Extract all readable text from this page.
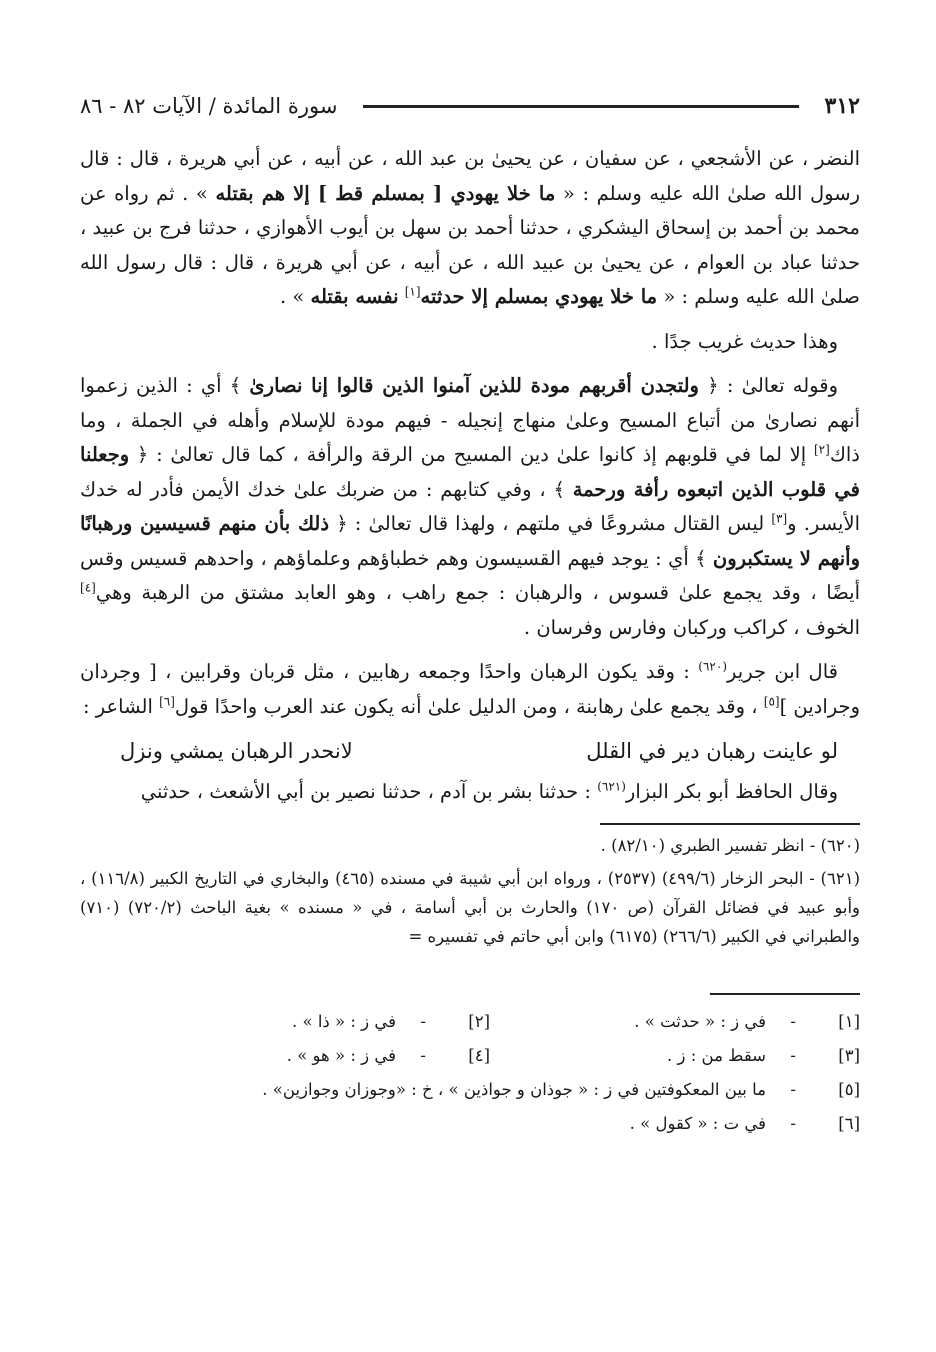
٣١٢
سورة المائدة / الآيات ٨٢ - ٨٦

النضر ، عن الأشجعي ، عن سفيان ، عن يحيىٰ بن عبد الله ، عن أبيه ، عن أبي هريرة ، قال : قال رسول الله صلىٰ الله عليه وسلم : « ما خلا يهودي [ بمسلم قط ] إلا هم بقتله » . ثم رواه عن محمد بن أحمد بن إسحاق اليشكري ، حدثنا أحمد بن سهل بن أيوب الأهوازي ، حدثنا فرج بن عبيد ، حدثنا عباد بن العوام ، عن يحيىٰ بن عبيد الله ، عن أبيه ، عن أبي هريرة ، قال : قال رسول الله صلىٰ الله عليه وسلم : « ما خلا يهودي بمسلم إلا حدثته[١] نفسه بقتله » .

وهذا حديث غريب جدًا .

وقوله تعالىٰ : ﴿ ولتجدن أقربهم مودة للذين آمنوا الذين قالوا إنا نصارىٰ ﴾ أي : الذين زعموا أنهم نصارىٰ من أتباع المسيح وعلىٰ منهاج إنجيله - فيهم مودة للإسلام وأهله في الجملة ، وما ذاك[٢] إلا لما في قلوبهم إذ كانوا علىٰ دين المسيح من الرقة والرأفة ، كما قال تعالىٰ : ﴿ وجعلنا في قلوب الذين اتبعوه رأفة ورحمة ﴾ ، وفي كتابهم : من ضربك علىٰ خدك الأيمن فأدر له خدك الأيسر. و[٣] ليس القتال مشروعًا في ملتهم ، ولهذا قال تعالىٰ : ﴿ ذلك بأن منهم قسيسين ورهبانًا وأنهم لا يستكبرون ﴾ أي : يوجد فيهم القسيسون وهم خطباؤهم وعلماؤهم ، واحدهم قسيس وقس أيضًا ، وقد يجمع علىٰ قسوس ، والرهبان : جمع راهب ، وهو العابد مشتق من الرهبة وهي[٤] الخوف ، كراكب وركبان وفارس وفرسان .

قال ابن جرير$^{(٦٢٠)}$ : وقد يكون الرهبان واحدًا وجمعه رهابين ، مثل قربان وقرابين ، [ وجردان وجرادين ][٥] ، وقد يجمع علىٰ رهابنة ، ومن الدليل علىٰ أنه يكون عند العرب واحدًا قول[٦] الشاعر :

لو عاينت رهبان دير في القلل
لانحدر الرهبان يمشي ونزل

وقال الحافظ أبو بكر البزار$^{(٦٢١)}$ : حدثنا بشر بن آدم ، حدثنا نصير بن أبي الأشعث ، حدثني

(٦٢٠) - انظر تفسير الطبري (٨٢/١٠) .

(٦٢١) - البحر الزخار (٤٩٩/٦) (٢٥٣٧) ، ورواه ابن أبي شيبة في مسنده (٤٦٥) والبخاري في التاريخ الكبير (١١٦/٨) ، وأبو عبيد في فضائل القرآن (ص ١٧٠) والحارث بن أبي أسامة ، في « مسنده » بغية الباحث (٧٢٠/٢) (٧١٠) والطبراني في الكبير (٢٦٦/٦) (٦١٧٥) وابن أبي حاتم في تفسيره =

[١]
-
في ز : « حدثت » .
[٢]
-
في ز : « ذا » .
[٣]
-
سقط من : ز .
[٤]
-
في ز : « هو » .
[٥]
-
ما بين المعكوفتين في ز : « جوذان و جواذين » ، خ : «وجوزان وجوازين» .
[٦]
-
في ت : « كقول » .
